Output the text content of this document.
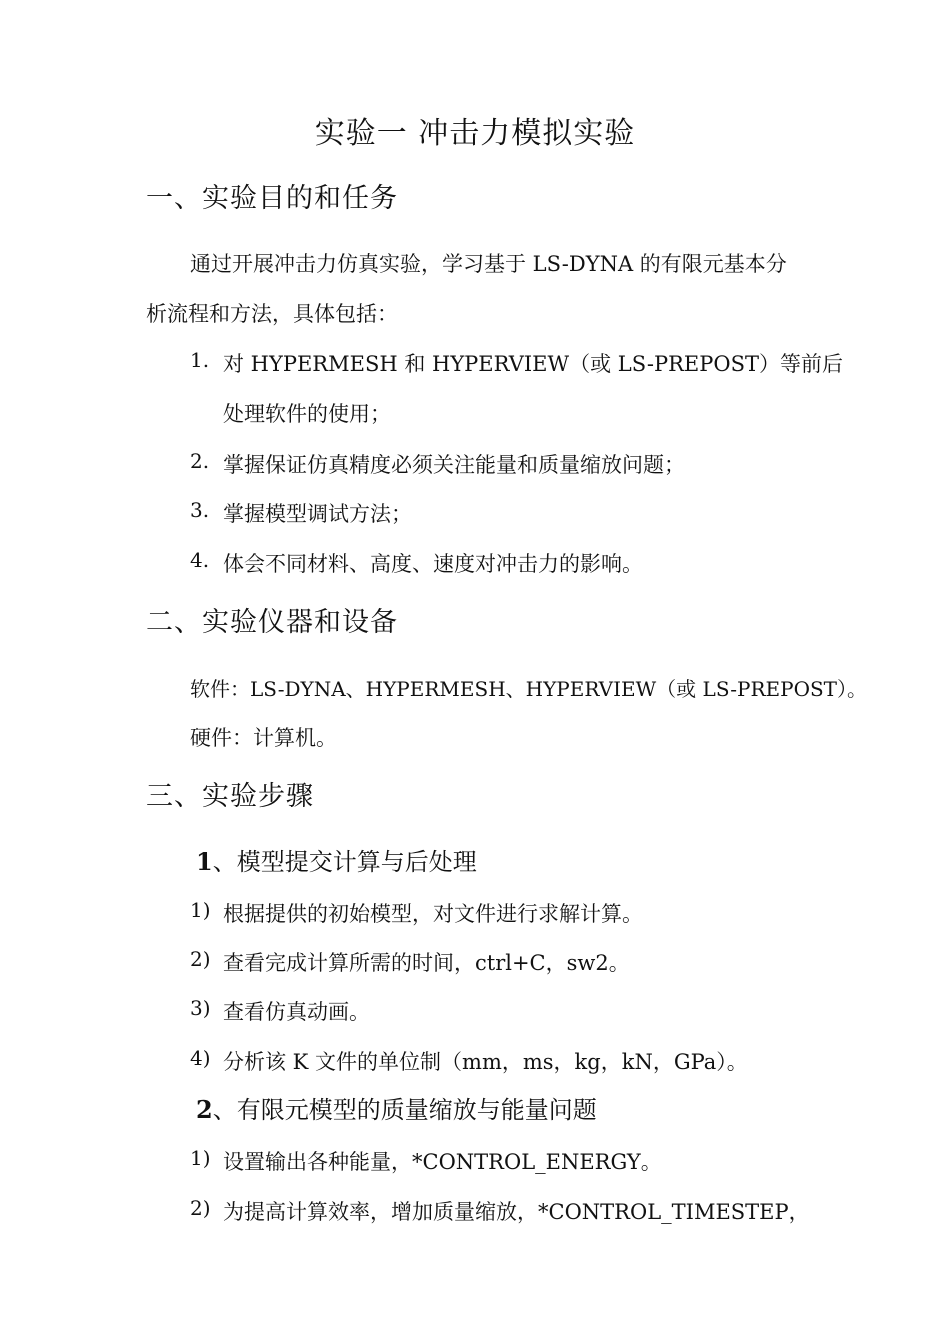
实验一 冲击力模拟实验
一、实验目的和任务
通过开展冲击力仿真实验，学习基于 LS-DYNA 的有限元基本分
析流程和方法，具体包括：
1. 对 HYPERMESH 和 HYPERVIEW（或 LS-PREPOST）等前后
处理软件的使用；
2. 掌握保证仿真精度必须关注能量和质量缩放问题；
3. 掌握模型调试方法；
4. 体会不同材料、高度、速度对冲击力的影响。
二、实验仪器和设备
软件：LS-DYNA、HYPERMESH、HYPERVIEW（或 LS-PREPOST）。
硬件：计算机。
三、实验步骤
1、模型提交计算与后处理
1) 根据提供的初始模型，对文件进行求解计算。
2) 查看完成计算所需的时间，ctrl+C，sw2。
3) 查看仿真动画。
4) 分析该 K 文件的单位制（mm，ms，kg，kN，GPa）。
2、有限元模型的质量缩放与能量问题
1) 设置输出各种能量，*CONTROL_ENERGY。
2) 为提高计算效率，增加质量缩放，*CONTROL_TIMESTEP，
